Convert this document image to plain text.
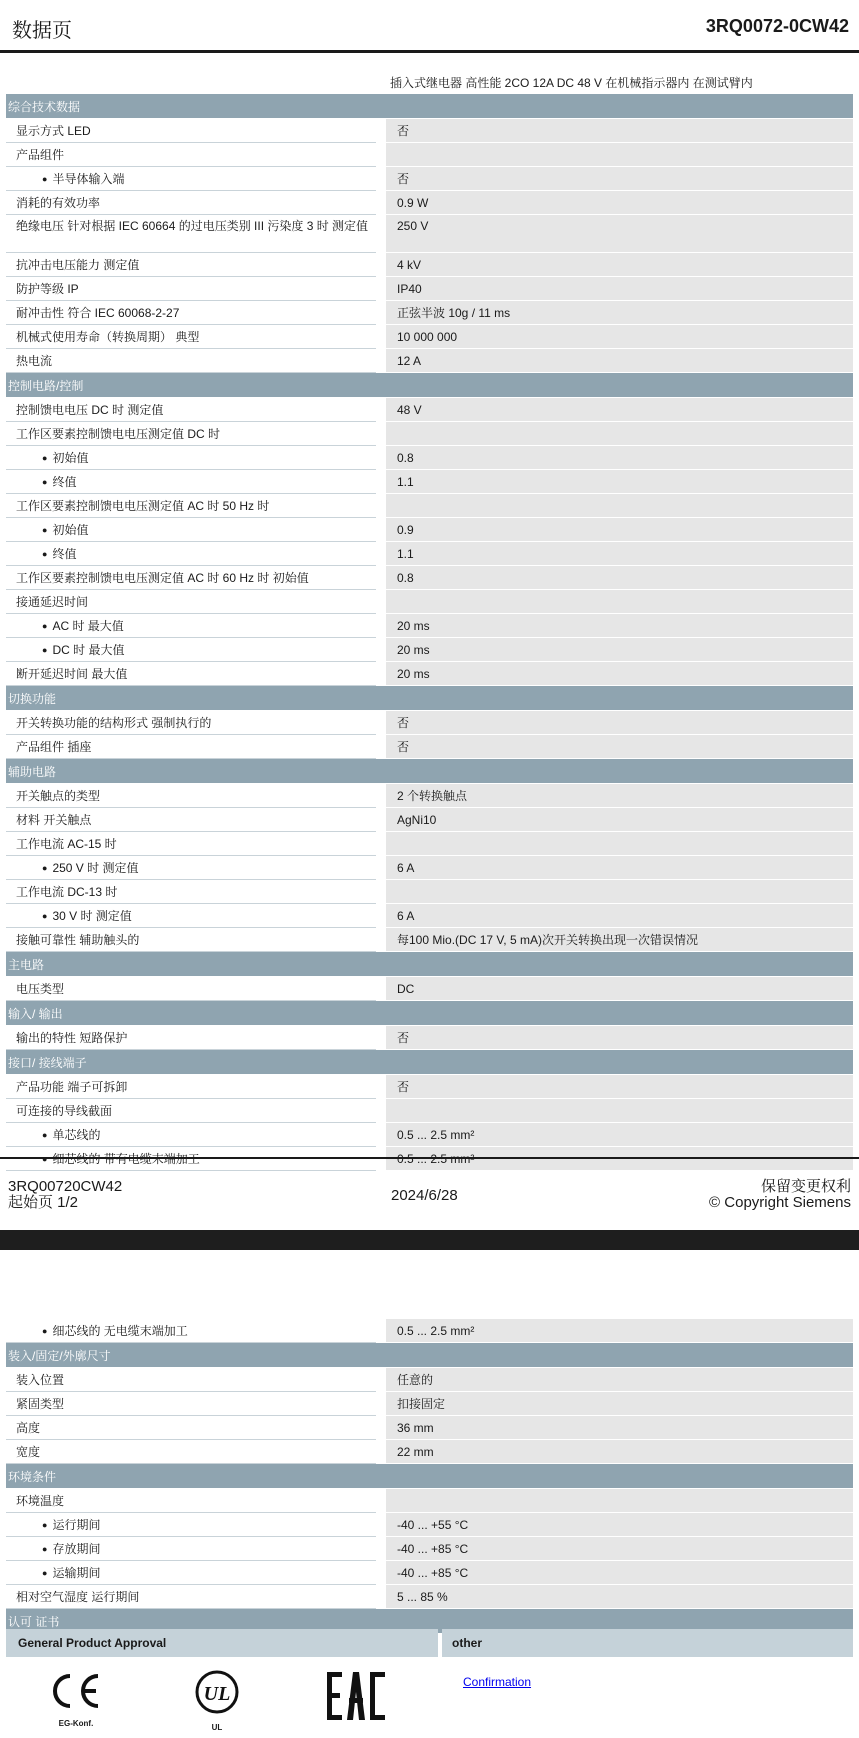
数据页	3RQ0072-0CW42
插入式继电器 高性能 2CO 12A DC 48 V 在机械指示器内 在测试臂内
综合技术数据
显示方式 LED	否
产品组件
● 半导体输入端	否
消耗的有效功率	0.9 W
绝缘电压 针对根据 IEC 60664 的过电压类别 III 污染度 3 时 测定值	250 V
抗冲击电压能力 测定值	4 kV
防护等级 IP	IP40
耐冲击性 符合 IEC 60068-2-27	正弦半波 10g / 11 ms
机械式使用寿命（转换周期） 典型	10 000 000
热电流	12 A
控制电路/控制
控制馈电电压 DC 时 测定值	48 V
工作区要素控制馈电电压测定值 DC 时
● 初始值	0.8
● 终值	1.1
工作区要素控制馈电电压测定值 AC 时 50 Hz 时
● 初始值	0.9
● 终值	1.1
工作区要素控制馈电电压测定值 AC 时 60 Hz 时 初始值	0.8
接通延迟时间
● AC 时 最大值	20 ms
● DC 时 最大值	20 ms
断开延迟时间 最大值	20 ms
切换功能
开关转换功能的结构形式 强制执行的	否
产品组件 插座	否
辅助电路
开关触点的类型	2 个转换触点
材料 开关触点	AgNi10
工作电流 AC-15 时
● 250 V 时 测定值	6 A
工作电流 DC-13 时
● 30 V 时 测定值	6 A
接触可靠性 辅助触头的	每100 Mio.(DC 17 V, 5 mA)次开关转换出现一次错误情况
主电路
电压类型	DC
输入/ 输出
输出的特性 短路保护	否
接口/ 接线端子
产品功能 端子可拆卸	否
可连接的导线截面
● 单芯线的	0.5 ... 2.5 mm²
● 细芯线的 带有电缆末端加工	0.5 ... 2.5 mm²
3RQ00720CW42
起始页 1/2	2024/6/28
保留变更权利
© Copyright Siemens
● 细芯线的 无电缆末端加工	0.5 ... 2.5 mm²
装入/固定/外廓尺寸
装入位置	任意的
紧固类型	扣接固定
高度	36 mm
宽度	22 mm
环境条件
环境温度
● 运行期间	-40 ... +55 °C
● 存放期间	-40 ... +85 °C
● 运输期间	-40 ... +85 °C
相对空气湿度 运行期间	5 ... 85 %
认可 证书
General Product Approval	other
EG-Konf.
UL
UL
Confirmation
